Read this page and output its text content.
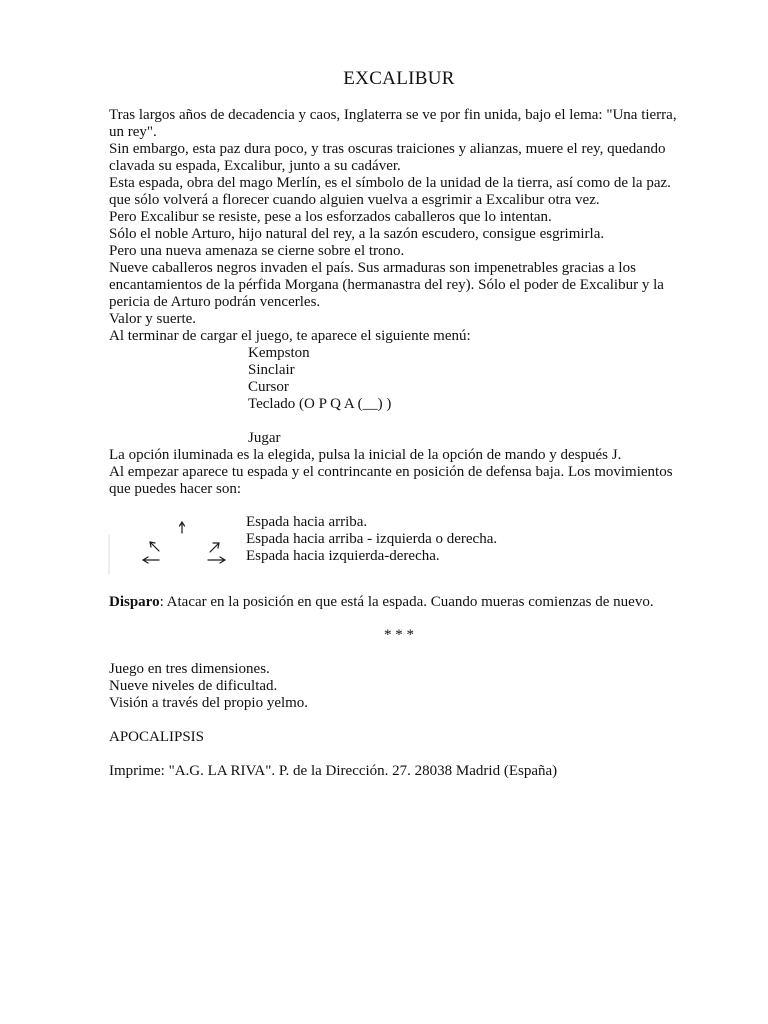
EXCALIBUR
Tras largos años de decadencia y caos, Inglaterra se ve por fin unida, bajo el lema: "Una tierra,
un rey".
Sin embargo, esta paz dura poco, y tras oscuras traiciones y alianzas, muere el rey, quedando
clavada su espada, Excalibur, junto a su cadáver.
Esta espada, obra del mago Merlín, es el símbolo de la unidad de la tierra, así como de la paz.
que sólo volverá a florecer cuando alguien vuelva a esgrimir a Excalibur otra vez.
Pero Excalibur se resiste, pese a los esforzados caballeros que lo intentan.
Sólo el noble Arturo, hijo natural del rey, a la sazón escudero, consigue esgrimirla.
Pero una nueva amenaza se cierne sobre el trono.
Nueve caballeros negros invaden el país. Sus armaduras son impenetrables gracias a los
encantamientos de la pérfida Morgana (hermanastra del rey). Sólo el poder de Excalibur y la
pericia de Arturo podrán vencerles.
Valor y suerte.
Al terminar de cargar el juego, te aparece el siguiente menú:
Kempston
Sinclair
Cursor
Teclado (O P Q A (__) )
Jugar
La opción iluminada es la elegida, pulsa la inicial de la opción de mando y después J.
Al empezar aparece tu espada y el contrincante en posición de defensa baja. Los movimientos
que puedes hacer son:
Espada hacia arriba.
Espada hacia arriba - izquierda o derecha.
Espada hacia izquierda-derecha.
Disparo: Atacar en la posición en que está la espada. Cuando mueras comienzas de nuevo.
* * *
Juego en tres dimensiones.
Nueve niveles de dificultad.
Visión a través del propio yelmo.
APOCALIPSIS
Imprime: "A.G. LA RIVA". P. de la Dirección. 27. 28038 Madrid (España)
